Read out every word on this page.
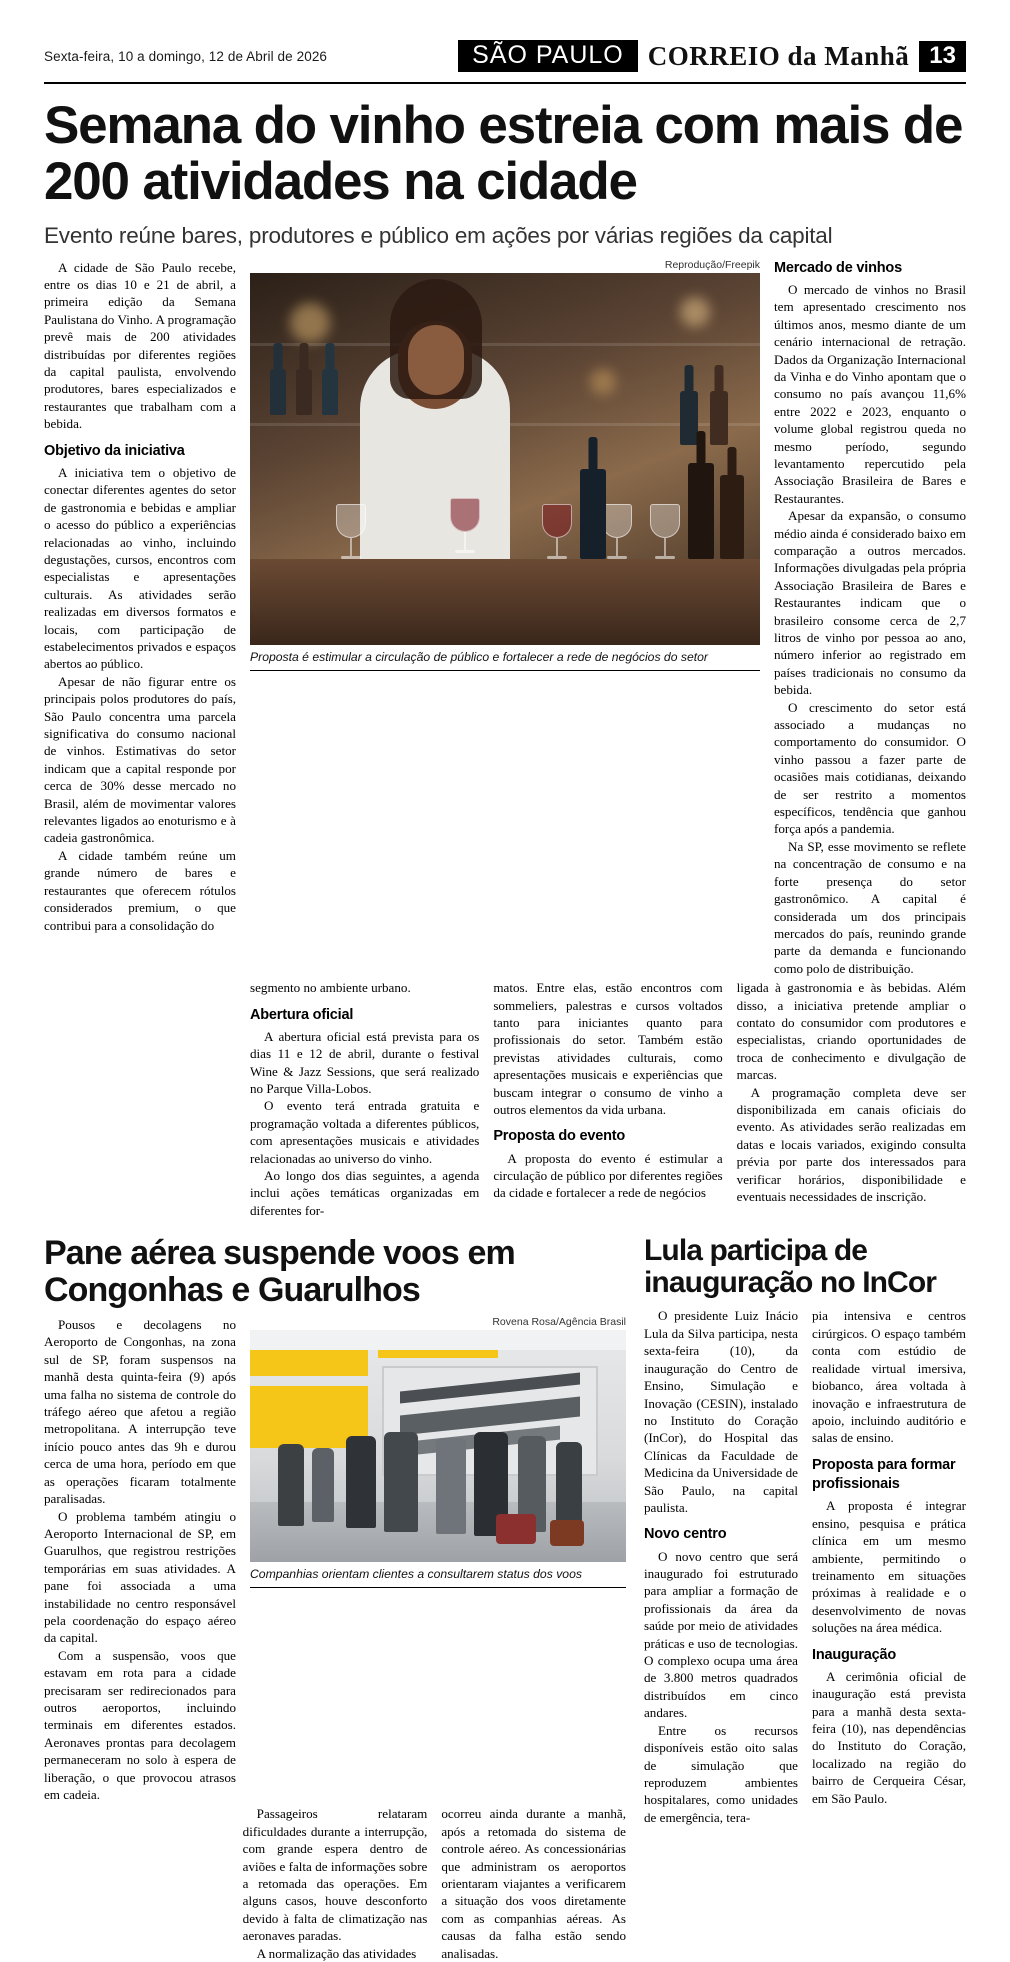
Sexta-feira, 10 a domingo, 12 de Abril de 2026	SÃO PAULO CORREIO da Manhã 13
Semana do vinho estreia com mais de 200 atividades na cidade
Evento reúne bares, produtores e público em ações por várias regiões da capital

A cidade de São Paulo recebe, entre os dias 10 e 21 de abril, a primeira edição da Semana Paulistana do Vinho. A programação prevê mais de 200 atividades distribuídas por diferentes regiões da capital paulista, envolvendo produtores, bares especializados e restaurantes que trabalham com a bebida.

Objetivo da iniciativa

A iniciativa tem o objetivo de conectar diferentes agentes do setor de gastronomia e bebidas e ampliar o acesso do público a experiências relacionadas ao vinho, incluindo degustações, cursos, encontros com especialistas e apresentações culturais. As atividades serão realizadas em diversos formatos e locais, com participação de estabelecimentos privados e espaços abertos ao público.

Apesar de não figurar entre os principais polos produtores do país, São Paulo concentra uma parcela significativa do consumo nacional de vinhos. Estimativas do setor indicam que a capital responde por cerca de 30% desse mercado no Brasil, além de movimentar valores relevantes ligados ao enoturismo e à cadeia gastronômica.

A cidade também reúne um grande número de bares e restaurantes que oferecem rótulos considerados premium, o que contribui para a consolidação do

Reprodução/Freepik
Proposta é estimular a circulação de público e fortalecer a rede de negócios do setor
Mercado de vinhos

O mercado de vinhos no Brasil tem apresentado crescimento nos últimos anos, mesmo diante de um cenário internacional de retração. Dados da Organização Internacional da Vinha e do Vinho apontam que o consumo no país avançou 11,6% entre 2022 e 2023, enquanto o volume global registrou queda no mesmo período, segundo levantamento repercutido pela Associação Brasileira de Bares e Restaurantes.

Apesar da expansão, o consumo médio ainda é considerado baixo em comparação a outros mercados. Informações divulgadas pela própria Associação Brasileira de Bares e Restaurantes indicam que o brasileiro consome cerca de 2,7 litros de vinho por pessoa ao ano, número inferior ao registrado em países tradicionais no consumo da bebida.

O crescimento do setor está associado a mudanças no comportamento do consumidor. O vinho passou a fazer parte de ocasiões mais cotidianas, deixando de ser restrito a momentos específicos, tendência que ganhou força após a pandemia.

Na SP, esse movimento se reflete na concentração de consumo e na forte presença do setor gastronômico. A capital é considerada um dos principais mercados do país, reunindo grande parte da demanda e funcionando como polo de distribuição.

segmento no ambiente urbano.

Abertura oficial

A abertura oficial está prevista para os dias 11 e 12 de abril, durante o festival Wine & Jazz Sessions, que será realizado no Parque Villa-Lobos.

O evento terá entrada gratuita e programação voltada a diferentes públicos, com apresentações musicais e atividades relacionadas ao universo do vinho.

Ao longo dos dias seguintes, a agenda inclui ações temáticas organizadas em diferentes for-

matos. Entre elas, estão encontros com sommeliers, palestras e cursos voltados tanto para iniciantes quanto para profissionais do setor. Também estão previstas atividades culturais, como apresentações musicais e experiências que buscam integrar o consumo de vinho a outros elementos da vida urbana.

Proposta do evento

A proposta do evento é estimular a circulação de público por diferentes regiões da cidade e fortalecer a rede de negócios

ligada à gastronomia e às bebidas. Além disso, a iniciativa pretende ampliar o contato do consumidor com produtores e especialistas, criando oportunidades de troca de conhecimento e divulgação de marcas.

A programação completa deve ser disponibilizada em canais oficiais do evento. As atividades serão realizadas em datas e locais variados, exigindo consulta prévia por parte dos interessados para verificar horários, disponibilidade e eventuais necessidades de inscrição.

Pane aérea suspende voos em Congonhas e Guarulhos

Pousos e decolagens no Aeroporto de Congonhas, na zona sul de SP, foram suspensos na manhã desta quinta-feira (9) após uma falha no sistema de controle do tráfego aéreo que afetou a região metropolitana. A interrupção teve início pouco antes das 9h e durou cerca de uma hora, período em que as operações ficaram totalmente paralisadas.

O problema também atingiu o Aeroporto Internacional de SP, em Guarulhos, que registrou restrições temporárias em suas atividades. A pane foi associada a uma instabilidade no centro responsável pela coordenação do espaço aéreo da capital.

Com a suspensão, voos que estavam em rota para a cidade precisaram ser redirecionados para outros aeroportos, incluindo terminais em diferentes estados. Aeronaves prontas para decolagem permaneceram no solo à espera de liberação, o que provocou atrasos em cadeia.

Rovena Rosa/Agência Brasil
Companhias orientam clientes a consultarem status dos voos

Passageiros relataram dificuldades durante a interrupção, com grande espera dentro de aviões e falta de informações sobre a retomada das operações. Em alguns casos, houve desconforto devido à falta de climatização nas aeronaves paradas.

A normalização das atividades

ocorreu ainda durante a manhã, após a retomada do sistema de controle aéreo. As concessionárias que administram os aeroportos orientaram viajantes a verificarem a situação dos voos diretamente com as companhias aéreas. As causas da falha estão sendo analisadas.

Lula participa de inauguração no InCor

O presidente Luiz Inácio Lula da Silva participa, nesta sexta-feira (10), da inauguração do Centro de Ensino, Simulação e Inovação (CESIN), instalado no Instituto do Coração (InCor), do Hospital das Clínicas da Faculdade de Medicina da Universidade de São Paulo, na capital paulista.

Novo centro

O novo centro que será inaugurado foi estruturado para ampliar a formação de profissionais da área da saúde por meio de atividades práticas e uso de tecnologias. O complexo ocupa uma área de 3.800 metros quadrados distribuídos em cinco andares.

Entre os recursos disponíveis estão oito salas de simulação que reproduzem ambientes hospitalares, como unidades de emergência, tera-

pia intensiva e centros cirúrgicos. O espaço também conta com estúdio de realidade virtual imersiva, biobanco, área voltada à inovação e infraestrutura de apoio, incluindo auditório e salas de ensino.

Proposta para formar profissionais

A proposta é integrar ensino, pesquisa e prática clínica em um mesmo ambiente, permitindo o treinamento em situações próximas à realidade e o desenvolvimento de novas soluções na área médica.

Inauguração

A cerimônia oficial de inauguração está prevista para a manhã desta sexta-feira (10), nas dependências do Instituto do Coração, localizado na região do bairro de Cerqueira César, em São Paulo.
